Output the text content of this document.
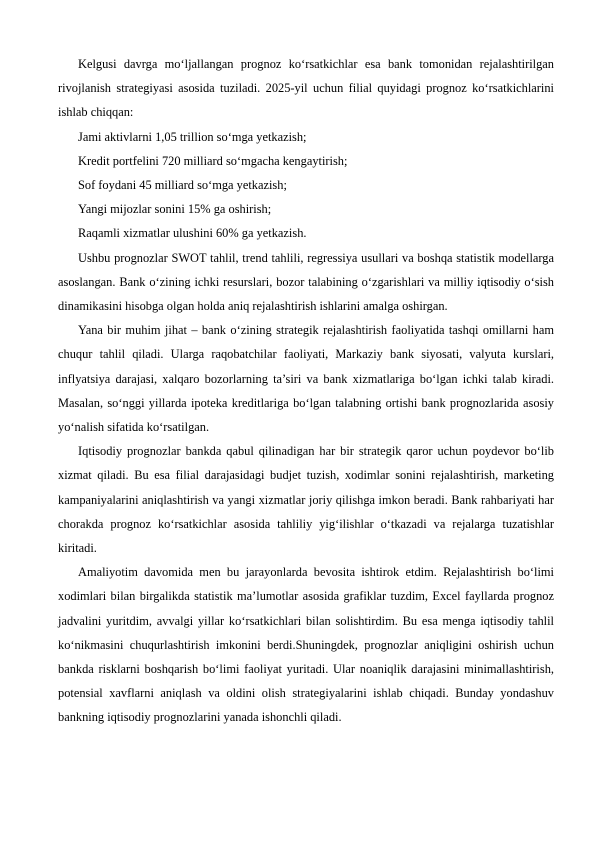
Kelgusi davrga mo‘ljallangan prognoz ko‘rsatkichlar esa bank tomonidan rejalashtirilgan rivojlanish strategiyasi asosida tuziladi. 2025-yil uchun filial quyidagi prognoz ko‘rsatkichlarini ishlab chiqqan:

Jami aktivlarni 1,05 trillion so‘mga yetkazish;

Kredit portfelini 720 milliard so‘mgacha kengaytirish;

Sof foydani 45 milliard so‘mga yetkazish;

Yangi mijozlar sonini 15% ga oshirish;

Raqamli xizmatlar ulushini 60% ga yetkazish.

Ushbu prognozlar SWOT tahlil, trend tahlili, regressiya usullari va boshqa statistik modellarga asoslangan. Bank o‘zining ichki resurslari, bozor talabining o‘zgarishlari va milliy iqtisodiy o‘sish dinamikasini hisobga olgan holda aniq rejalashtirish ishlarini amalga oshirgan.

Yana bir muhim jihat – bank o‘zining strategik rejalashtirish faoliyatida tashqi omillarni ham chuqur tahlil qiladi. Ularga raqobatchilar faoliyati, Markaziy bank siyosati, valyuta kurslari, inflyatsiya darajasi, xalqaro bozorlarning ta’siri va bank xizmatlariga bo‘lgan ichki talab kiradi. Masalan, so‘nggi yillarda ipoteka kreditlariga bo‘lgan talabning ortishi bank prognozlarida asosiy yo‘nalish sifatida ko‘rsatilgan.

Iqtisodiy prognozlar bankda qabul qilinadigan har bir strategik qaror uchun poydevor bo‘lib xizmat qiladi. Bu esa filial darajasidagi budjet tuzish, xodimlar sonini rejalashtirish, marketing kampaniyalarini aniqlashtirish va yangi xizmatlar joriy qilishga imkon beradi. Bank rahbariyati har chorakda prognoz ko‘rsatkichlar asosida tahliliy yig‘ilishlar o‘tkazadi va rejalarga tuzatishlar kiritadi.

Amaliyotim davomida men bu jarayonlarda bevosita ishtirok etdim. Rejalashtirish bo‘limi xodimlari bilan birgalikda statistik ma’lumotlar asosida grafiklar tuzdim, Excel fayllarda prognoz jadvalini yuritdim, avvalgi yillar ko‘rsatkichlari bilan solishtirdim. Bu esa menga iqtisodiy tahlil ko‘nikmasini chuqurlashtirish imkonini berdi.Shuningdek, prognozlar aniqligini oshirish uchun bankda risklarni boshqarish bo‘limi faoliyat yuritadi. Ular noaniqlik darajasini minimallashtirish, potensial xavflarni aniqlash va oldini olish strategiyalarini ishlab chiqadi. Bunday yondashuv bankning iqtisodiy prognozlarini yanada ishonchli qiladi.
